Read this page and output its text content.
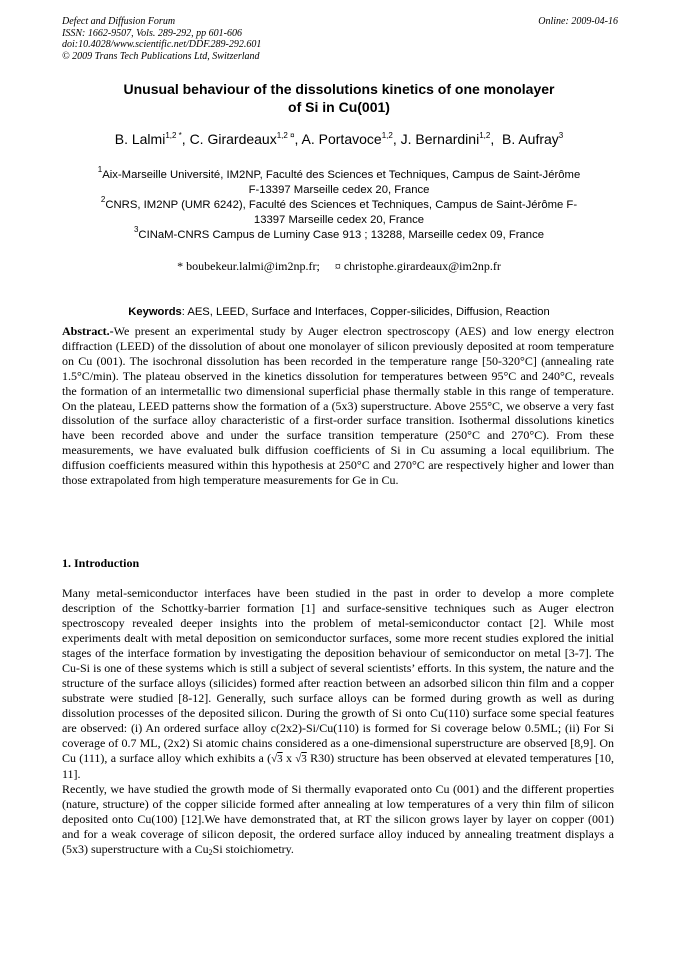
Defect and Diffusion Forum
ISSN: 1662-9507, Vols. 289-292, pp 601-606
doi:10.4028/www.scientific.net/DDF.289-292.601
© 2009 Trans Tech Publications Ltd, Switzerland
Online: 2009-04-16
Unusual behaviour of the dissolutions kinetics of one monolayer
of Si in Cu(001)
B. Lalmi$^{1,2 *}$, C. Girardeaux$^{1,2 ¤}$, A. Portavoce$^{1,2}$, J. Bernardini$^{1,2}$,  B. Aufray$^3$
$^1$Aix-Marseille Université, IM2NP, Faculté des Sciences et Techniques, Campus de Saint-Jérôme
F-13397 Marseille cedex 20, France
$^2$CNRS, IM2NP (UMR 6242), Faculté des Sciences et Techniques, Campus de Saint-Jérôme F-
13397 Marseille cedex 20, France
$^3$CINaM-CNRS Campus de Luminy Case 913 ; 13288, Marseille cedex 09, France
* boubekeur.lalmi@im2np.fr; ¤ christophe.girardeaux@im2np.fr
Keywords: AES, LEED, Surface and Interfaces, Copper-silicides, Diffusion, Reaction
Abstract.-We present an experimental study by Auger electron spectroscopy (AES) and low energy electron diffraction (LEED) of the dissolution of about one monolayer of silicon previously deposited at room temperature on Cu (001). The isochronal dissolution has been recorded in the temperature range [50-320°C] (annealing rate 1.5°C/min). The plateau observed in the kinetics dissolution for temperatures between 95°C and 240°C, reveals the formation of an intermetallic two dimensional superficial phase thermally stable in this range of temperature. On the plateau, LEED patterns show the formation of a (5x3) superstructure. Above 255°C, we observe a very fast dissolution of the surface alloy characteristic of a first-order surface transition. Isothermal dissolutions kinetics have been recorded above and under the surface transition temperature (250°C and 270°C). From these measurements, we have evaluated bulk diffusion coefficients of Si in Cu assuming a local equilibrium. The diffusion coefficients measured within this hypothesis at 250°C and 270°C are respectively higher and lower than those extrapolated from high temperature measurements for Ge in Cu.
1. Introduction

Many metal-semiconductor interfaces have been studied in the past in order to develop a more complete description of the Schottky-barrier formation [1] and surface-sensitive techniques such as Auger electron spectroscopy revealed deeper insights into the problem of metal-semiconductor contact [2]. While most experiments dealt with metal deposition on semiconductor surfaces, some more recent studies explored the initial stages of the interface formation by investigating the deposition behaviour of semiconductor on metal [3-7]. The Cu-Si is one of these systems which is still a subject of several scientists’ efforts. In this system, the nature and the structure of the surface alloys (silicides) formed after reaction between an adsorbed silicon thin film and a copper substrate were studied [8-12]. Generally, such surface alloys can be formed during growth as well as during dissolution processes of the deposited silicon. During the growth of Si onto Cu(110) surface some special features are observed: (i) An ordered surface alloy c(2x2)-Si/Cu(110) is formed for Si coverage below 0.5ML; (ii) For Si coverage of 0.7 ML, (2x2) Si atomic chains considered as a one-dimensional superstructure are observed [8,9]. On Cu (111), a surface alloy which exhibits a (√3 x √3 R30) structure has been observed at elevated temperatures [10, 11].

Recently, we have studied the growth mode of Si thermally evaporated onto Cu (001) and the different properties (nature, structure) of the copper silicide formed after annealing at low temperatures of a very thin film of silicon deposited onto Cu(100) [12].We have demonstrated that, at RT the silicon grows layer by layer on copper (001) and for a weak coverage of silicon deposit, the ordered surface alloy induced by annealing treatment displays a (5x3) superstructure with a $Cu_2Si$ stoichiometry.
